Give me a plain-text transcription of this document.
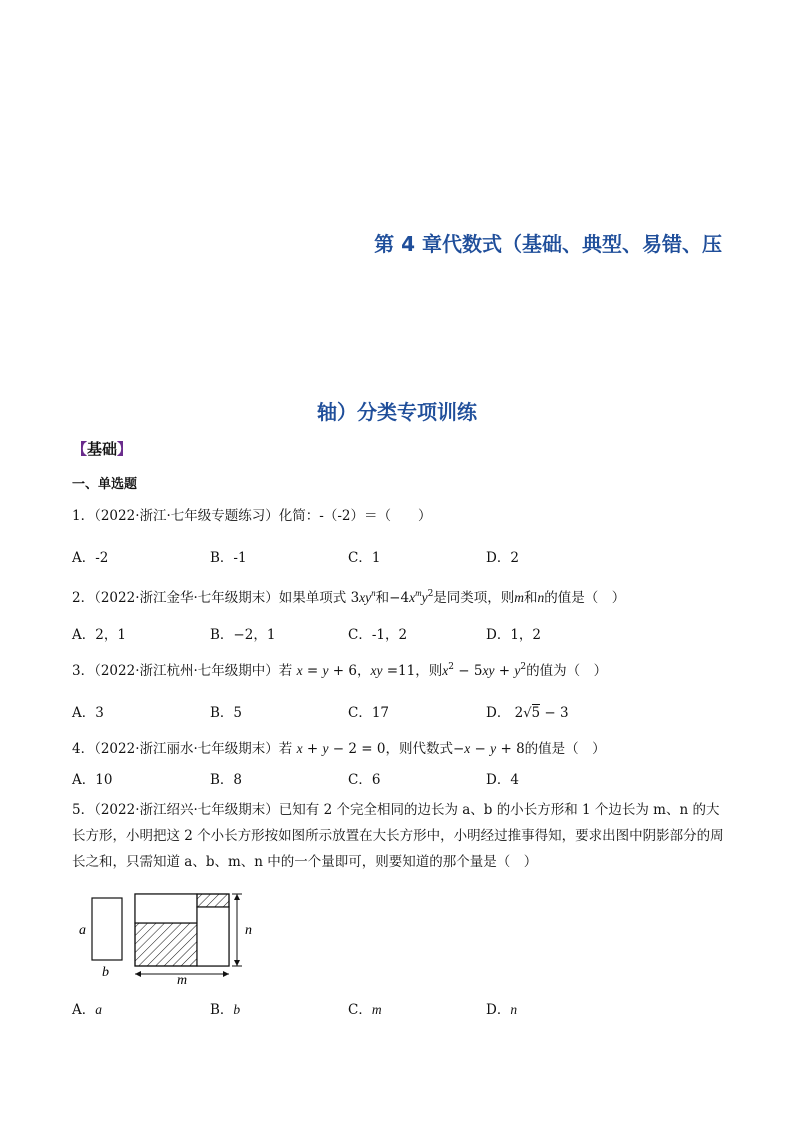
第 4 章代数式（基础、典型、易错、压
轴）分类专项训练
【基础】
一、单选题
1．（2022·浙江·七年级专题练习）化简：-（-2）＝（　　）
A．-2	B．-1	C．1	D．2
2．（2022·浙江金华·七年级期末）如果单项式 $3xy^n$和$-4x^my^2$是同类项，则m和n的值是（　）
A．2，1	B．−2，1	C．-1，2	D．1，2
3．（2022·浙江杭州·七年级期中）若 x = y + 6，xy =11，则$x^2 - 5xy + y^2$的值为（　）
A．3	B．5	C．17	D． 2√5 − 3
4．（2022·浙江丽水·七年级期末）若 x + y − 2 = 0，则代数式−x − y + 8的值是（　）
A．10	B．8	C．6	D．4
5．（2022·浙江绍兴·七年级期末）已知有 2 个完全相同的边长为 a、b 的小长方形和 1 个边长为 m、n 的大长方形，小明把这 2 个小长方形按如图所示放置在大长方形中，小明经过推事得知，要求出图中阴影部分的周长之和，只需知道 a、b、m、n 中的一个量即可，则要知道的那个量是（　）
a
b
m
n
A．a	B．b	C．m	D．n
